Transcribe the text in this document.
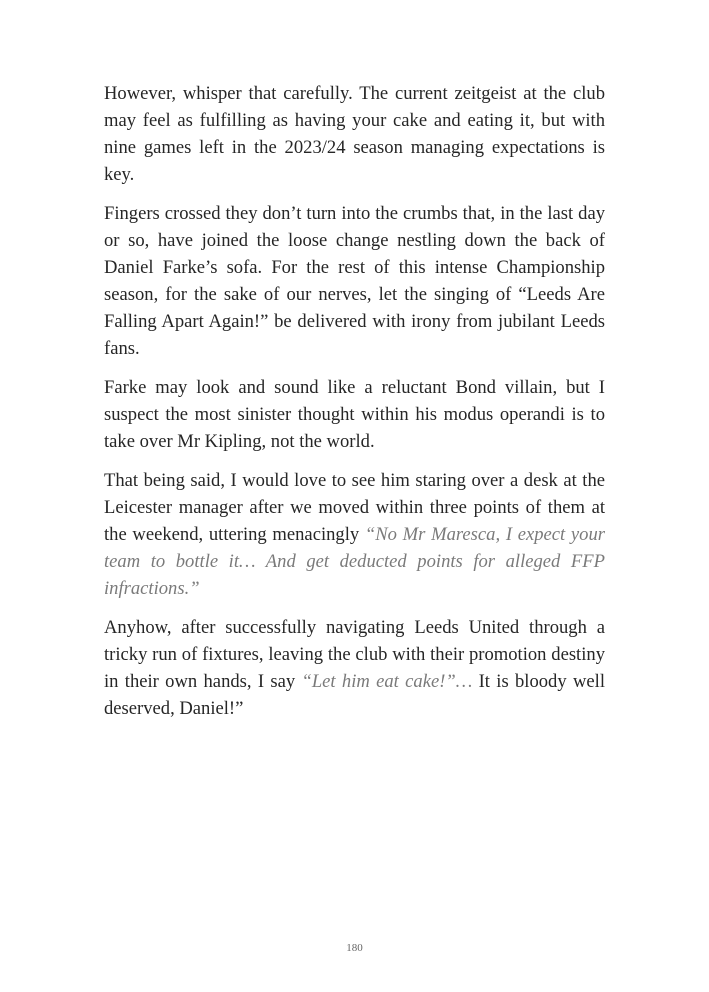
However, whisper that carefully. The current zeitgeist at the club may feel as fulfilling as having your cake and eating it, but with nine games left in the 2023/24 season managing expectations is key.

Fingers crossed they don’t turn into the crumbs that, in the last day or so, have joined the loose change nestling down the back of Daniel Farke’s sofa. For the rest of this intense Championship season, for the sake of our nerves, let the singing of “Leeds Are Falling Apart Again!” be delivered with irony from jubilant Leeds fans.

Farke may look and sound like a reluctant Bond villain, but I suspect the most sinister thought within his modus operandi is to take over Mr Kipling, not the world.

That being said, I would love to see him staring over a desk at the Leicester manager after we moved within three points of them at the weekend, uttering menacingly “No Mr Maresca, I expect your team to bottle it… And get deducted points for alleged FFP infractions.”

Anyhow, after successfully navigating Leeds United through a tricky run of fixtures, leaving the club with their promotion destiny in their own hands, I say “Let him eat cake!”… It is bloody well deserved, Daniel!”

180
